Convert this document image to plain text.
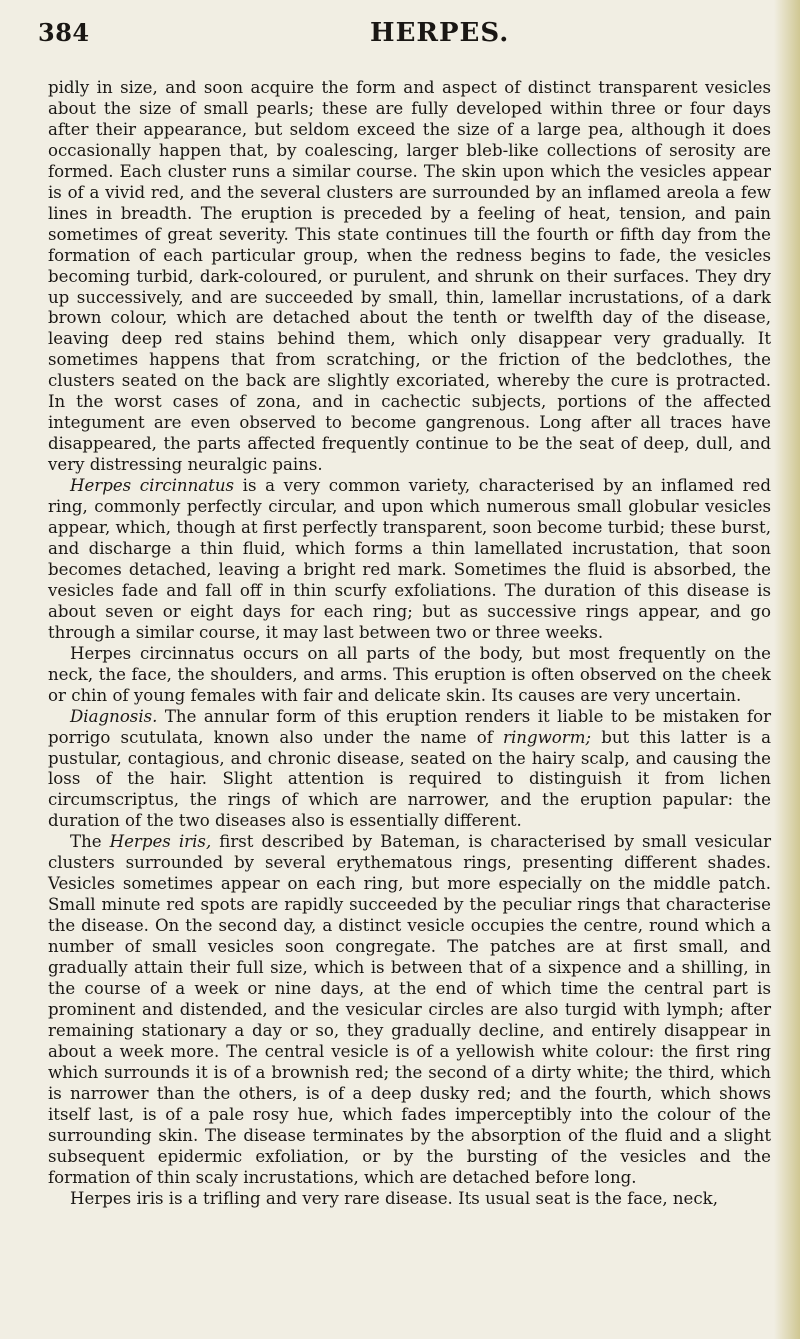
384	HERPES.

pidly in size, and soon acquire the form and aspect of distinct transparent vesicles about the size of small pearls; these are fully developed within three or four days after their appearance, but seldom exceed the size of a large pea, although it does occasionally happen that, by coalescing, larger bleb-like collections of serosity are formed. Each cluster runs a similar course. The skin upon which the vesicles appear is of a vivid red, and the several clusters are surrounded by an inflamed areola a few lines in breadth. The eruption is preceded by a feeling of heat, tension, and pain sometimes of great severity. This state continues till the fourth or fifth day from the formation of each particular group, when the redness begins to fade, the vesicles becoming turbid, dark-coloured, or purulent, and shrunk on their surfaces. They dry up successively, and are succeeded by small, thin, lamellar incrustations, of a dark brown colour, which are detached about the tenth or twelfth day of the disease, leaving deep red stains behind them, which only disappear very gradually. It sometimes happens that from scratching, or the friction of the bedclothes, the clusters seated on the back are slightly excoriated, whereby the cure is protracted. In the worst cases of zona, and in cachectic subjects, portions of the affected integument are even observed to become gangrenous. Long after all traces have disappeared, the parts affected frequently continue to be the seat of deep, dull, and very distressing neuralgic pains.

Herpes circinnatus is a very common variety, characterised by an inflamed red ring, commonly perfectly circular, and upon which numerous small globular vesicles appear, which, though at first perfectly transparent, soon become turbid; these burst, and discharge a thin fluid, which forms a thin lamellated incrustation, that soon becomes detached, leaving a bright red mark. Sometimes the fluid is absorbed, the vesicles fade and fall off in thin scurfy exfoliations. The duration of this disease is about seven or eight days for each ring; but as successive rings appear, and go through a similar course, it may last between two or three weeks.

Herpes circinnatus occurs on all parts of the body, but most frequently on the neck, the face, the shoulders, and arms. This eruption is often observed on the cheek or chin of young females with fair and delicate skin. Its causes are very uncertain.

Diagnosis. The annular form of this eruption renders it liable to be mistaken for porrigo scutulata, known also under the name of ringworm; but this latter is a pustular, contagious, and chronic disease, seated on the hairy scalp, and causing the loss of the hair. Slight attention is required to distinguish it from lichen circumscriptus, the rings of which are narrower, and the eruption papular: the duration of the two diseases also is essentially different.

The Herpes iris, first described by Bateman, is characterised by small vesicular clusters surrounded by several erythematous rings, presenting different shades. Vesicles sometimes appear on each ring, but more especially on the middle patch. Small minute red spots are rapidly succeeded by the peculiar rings that characterise the disease. On the second day, a distinct vesicle occupies the centre, round which a number of small vesicles soon congregate. The patches are at first small, and gradually attain their full size, which is between that of a sixpence and a shilling, in the course of a week or nine days, at the end of which time the central part is prominent and distended, and the vesicular circles are also turgid with lymph; after remaining stationary a day or so, they gradually decline, and entirely disappear in about a week more. The central vesicle is of a yellowish white colour: the first ring which surrounds it is of a brownish red; the second of a dirty white; the third, which is narrower than the others, is of a deep dusky red; and the fourth, which shows itself last, is of a pale rosy hue, which fades imperceptibly into the colour of the surrounding skin. The disease terminates by the absorption of the fluid and a slight subsequent epidermic exfoliation, or by the bursting of the vesicles and the formation of thin scaly incrustations, which are detached before long.

Herpes iris is a trifling and very rare disease. Its usual seat is the face, neck,
